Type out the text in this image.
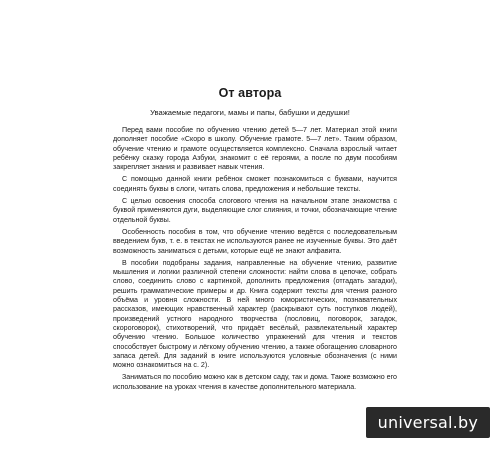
От автора

Уважаемые педагоги, мамы и папы, бабушки и дедушки!

Перед вами пособие по обучению чтению детей 5—7 лет. Материал этой книги дополняет пособие «Скоро в школу. Обучение грамоте. 5—7 лет». Таким образом, обучение чтению и грамоте осуществляется комплексно. Сначала взрослый читает ребёнку сказку города Азбуки, знакомит с её героями, а после по двум пособиям закрепляет знания и развивает навык чтения.

С помощью данной книги ребёнок сможет познакомиться с буквами, научится соединять буквы в слоги, читать слова, предложения и небольшие тексты.

С целью освоения способа слогового чтения на начальном этапе знакомства с буквой применяются дуги, выделяющие слог слияния, и точки, обозначающие чтение отдельной буквы.

Особенность пособия в том, что обучение чтению ведётся с последовательным введением букв, т. е. в текстах не используются ранее не изученные буквы. Это даёт возможность заниматься с детьми, которые ещё не знают алфавита.

В пособии подобраны задания, направленные на обучение чтению, развитие мышления и логики различной степени сложности: найти слова в цепочке, собрать слово, соединить слово с картинкой, дополнить предложения (отгадать загадки), решить грамматические примеры и др. Книга содержит тексты для чтения разного объёма и уровня сложности. В ней много юмористических, познавательных рассказов, имеющих нравственный характер (раскрывают суть поступков людей), произведений устного народного творчества (пословиц, поговорок, загадок, скороговорок), стихотворений, что придаёт весёлый, развлекательный характер обучению чтению. Большое количество упражнений для чтения и текстов способствует быстрому и лёгкому обучению чтению, а также обогащению словарного запаса детей. Для заданий в книге используются условные обозначения (с ними можно ознакомиться на с. 2).

Заниматься по пособию можно как в детском саду, так и дома. Также возможно его использование на уроках чтения в качестве дополнительного материала.

universal.by
